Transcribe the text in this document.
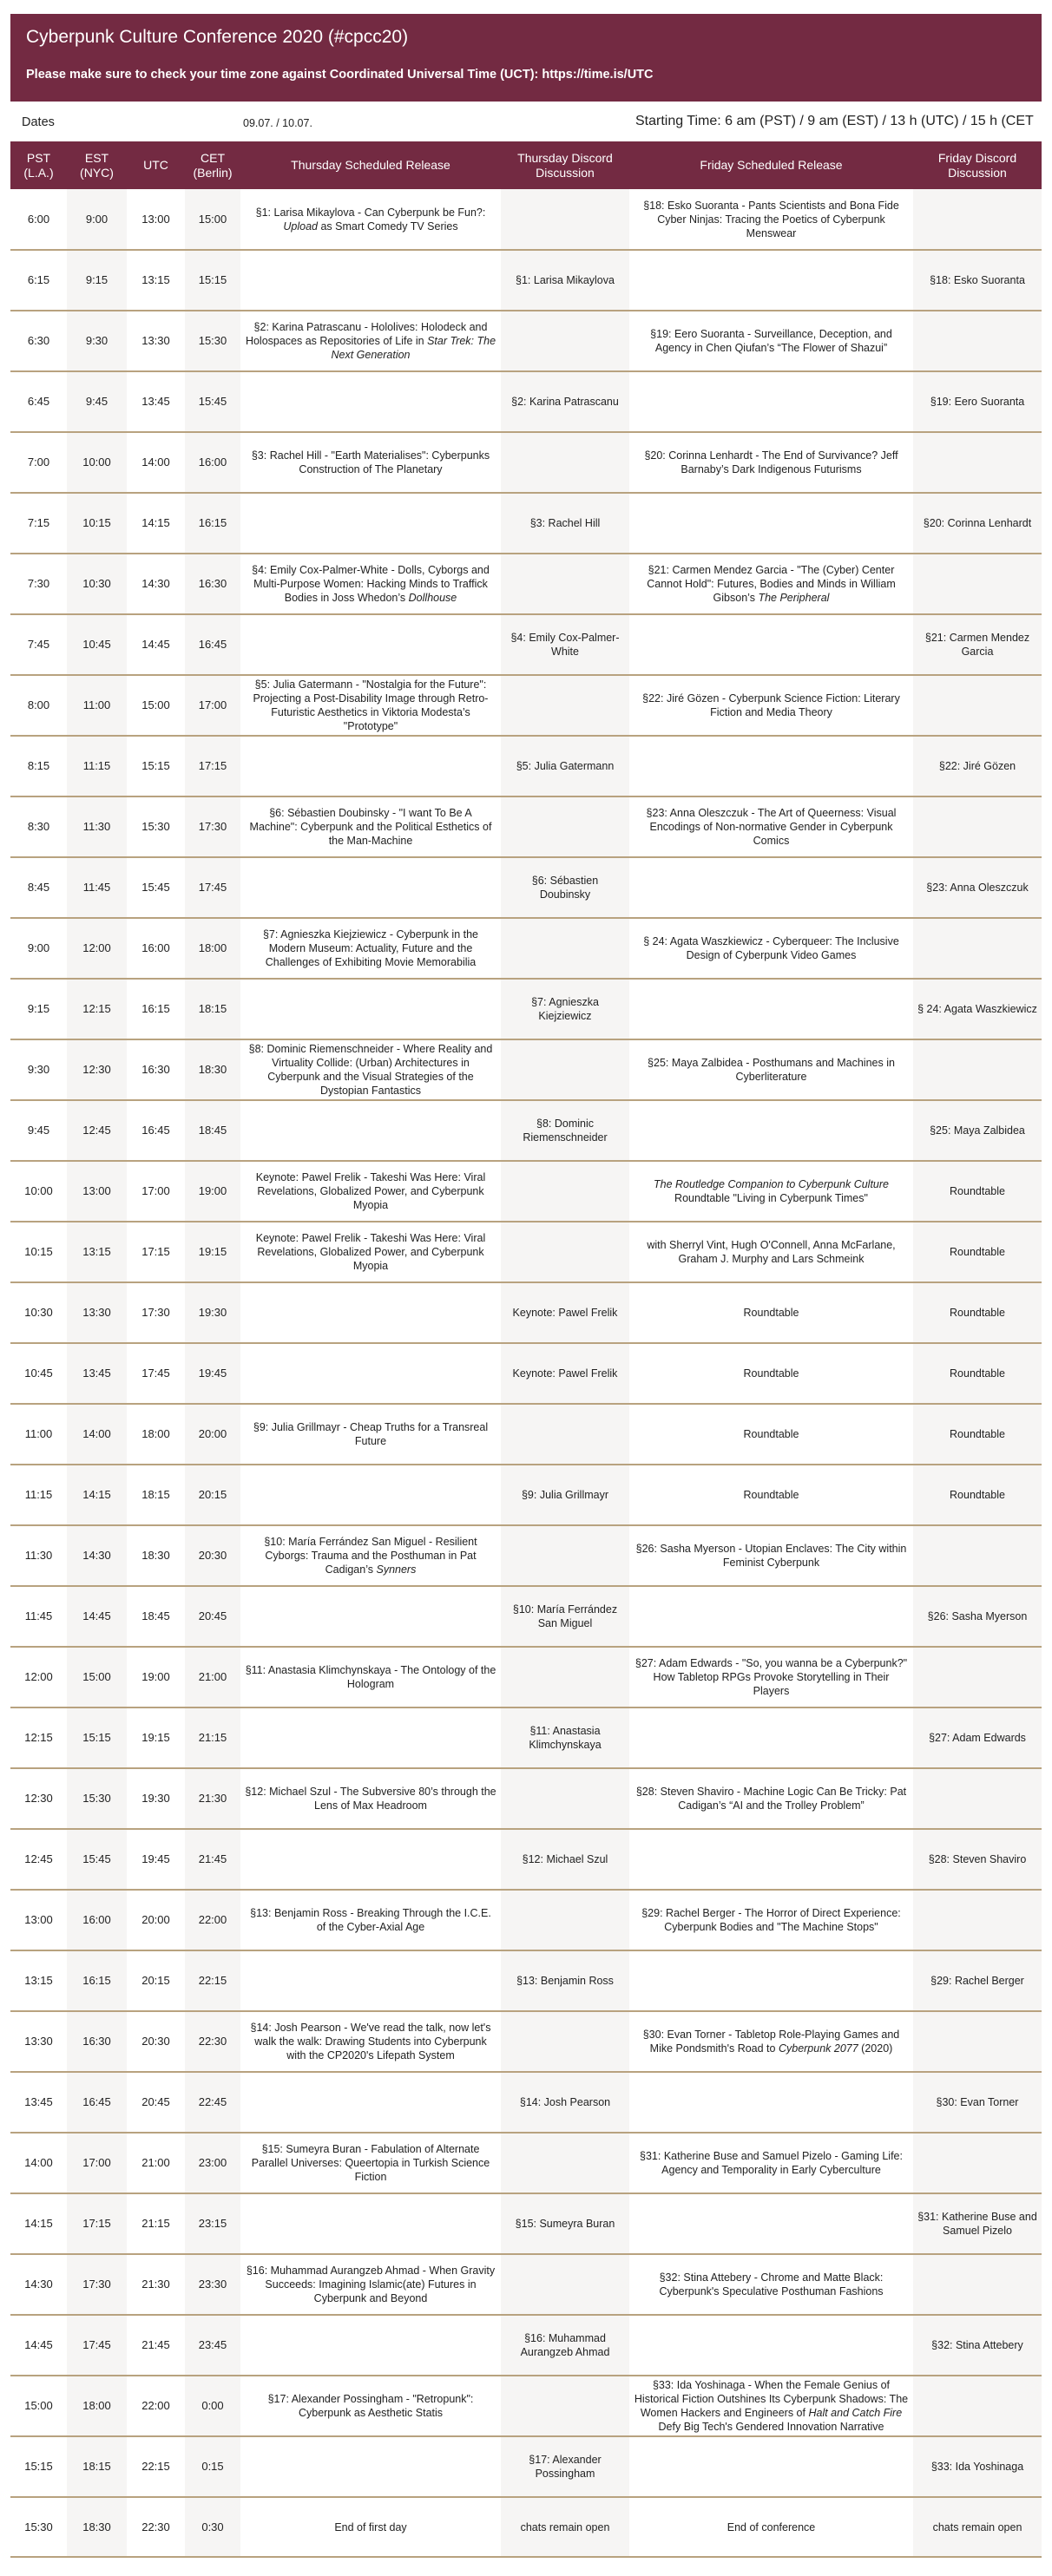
Cyberpunk Culture Conference 2020 (#cpcc20)
Please make sure to check your time zone against Coordinated Universal Time (UCT): https://time.is/UTC
Dates	09.07. / 10.07.	Starting Time: 6 am (PST) / 9 am (EST) / 13 h (UTC) / 15 h (CET
PST (L.A.)	EST (NYC)	UTC	CET (Berlin)	Thursday Scheduled Release	Thursday Discord Discussion	Friday Scheduled Release	Friday Discord Discussion
6:00	9:00	13:00	15:00	§1: Larisa Mikaylova - Can Cyberpunk be Fun?: Upload as Smart Comedy TV Series		§18: Esko Suoranta - Pants Scientists and Bona Fide Cyber Ninjas: Tracing the Poetics of Cyberpunk Menswear	
6:15	9:15	13:15	15:15		§1: Larisa Mikaylova		§18: Esko Suoranta
6:30	9:30	13:30	15:30	§2: Karina Patrascanu - Hololives: Holodeck and Holospaces as Repositories of Life in Star Trek: The Next Generation		§19: Eero Suoranta - Surveillance, Deception, and Agency in Chen Qiufan’s “The Flower of Shazui”	
6:45	9:45	13:45	15:45		§2: Karina Patrascanu		§19: Eero Suoranta
7:00	10:00	14:00	16:00	§3: Rachel Hill - "Earth Materialises": Cyberpunks Construction of The Planetary		§20: Corinna Lenhardt - The End of Survivance? Jeff Barnaby’s Dark Indigenous Futurisms	
7:15	10:15	14:15	16:15		§3: Rachel Hill		§20: Corinna Lenhardt
7:30	10:30	14:30	16:30	§4: Emily Cox-Palmer-White - Dolls, Cyborgs and Multi-Purpose Women: Hacking Minds to Traffick Bodies in Joss Whedon’s Dollhouse		§21: Carmen Mendez Garcia - "The (Cyber) Center Cannot Hold": Futures, Bodies and Minds in William Gibson’s The Peripheral	
7:45	10:45	14:45	16:45		§4: Emily Cox-Palmer-White		§21: Carmen Mendez Garcia
8:00	11:00	15:00	17:00	§5: Julia Gatermann - "Nostalgia for the Future": Projecting a Post-Disability Image through Retro-Futuristic Aesthetics in Viktoria Modesta’s "Prototype"		§22: Jiré Gözen - Cyberpunk Science Fiction: Literary Fiction and Media Theory	
8:15	11:15	15:15	17:15		§5: Julia Gatermann		§22: Jiré Gözen
8:30	11:30	15:30	17:30	§6: Sébastien Doubinsky - "I want To Be A Machine": Cyberpunk and the Political Esthetics of the Man-Machine		§23: Anna Oleszczuk - The Art of Queerness: Visual Encodings of Non-normative Gender in Cyberpunk Comics	
8:45	11:45	15:45	17:45		§6: Sébastien Doubinsky		§23: Anna Oleszczuk
9:00	12:00	16:00	18:00	§7: Agnieszka Kiejziewicz - Cyberpunk in the Modern Museum: Actuality, Future and the Challenges of Exhibiting Movie Memorabilia		§ 24: Agata Waszkiewicz - Cyberqueer: The Inclusive Design of Cyberpunk Video Games	
9:15	12:15	16:15	18:15		§7: Agnieszka Kiejziewicz		§ 24: Agata Waszkiewicz
9:30	12:30	16:30	18:30	§8: Dominic Riemenschneider - Where Reality and Virtuality Collide: (Urban) Architectures in Cyberpunk and the Visual Strategies of the Dystopian Fantastics		§25: Maya Zalbidea - Posthumans and Machines in Cyberliterature	
9:45	12:45	16:45	18:45		§8: Dominic Riemenschneider		§25: Maya Zalbidea
10:00	13:00	17:00	19:00	Keynote: Pawel Frelik - Takeshi Was Here: Viral Revelations, Globalized Power, and Cyberpunk Myopia		The Routledge Companion to Cyberpunk Culture Roundtable "Living in Cyberpunk Times"	Roundtable
10:15	13:15	17:15	19:15	Keynote: Pawel Frelik - Takeshi Was Here: Viral Revelations, Globalized Power, and Cyberpunk Myopia		with Sherryl Vint, Hugh O'Connell, Anna McFarlane, Graham J. Murphy and Lars Schmeink	Roundtable
10:30	13:30	17:30	19:30		Keynote: Pawel Frelik	Roundtable	Roundtable
10:45	13:45	17:45	19:45		Keynote: Pawel Frelik	Roundtable	Roundtable
11:00	14:00	18:00	20:00	§9: Julia Grillmayr - Cheap Truths for a Transreal Future		Roundtable	Roundtable
11:15	14:15	18:15	20:15		§9: Julia Grillmayr	Roundtable	Roundtable
11:30	14:30	18:30	20:30	§10: María Ferrández San Miguel - Resilient Cyborgs: Trauma and the Posthuman in Pat Cadigan’s Synners		§26: Sasha Myerson - Utopian Enclaves: The City within Feminist Cyberpunk	
11:45	14:45	18:45	20:45		§10: María Ferrández San Miguel		§26: Sasha Myerson
12:00	15:00	19:00	21:00	§11: Anastasia Klimchynskaya - The Ontology of the Hologram		§27: Adam Edwards - "So, you wanna be a Cyberpunk?" How Tabletop RPGs Provoke Storytelling in Their Players	
12:15	15:15	19:15	21:15		§11: Anastasia Klimchynskaya		§27: Adam Edwards
12:30	15:30	19:30	21:30	§12: Michael Szul - The Subversive 80’s through the Lens of Max Headroom		§28: Steven Shaviro - Machine Logic Can Be Tricky: Pat Cadigan’s “AI and the Trolley Problem”	
12:45	15:45	19:45	21:45		§12: Michael Szul		§28: Steven Shaviro
13:00	16:00	20:00	22:00	§13: Benjamin Ross - Breaking Through the I.C.E. of the Cyber-Axial Age		§29: Rachel Berger - The Horror of Direct Experience: Cyberpunk Bodies and "The Machine Stops"	
13:15	16:15	20:15	22:15		§13: Benjamin Ross		§29: Rachel Berger
13:30	16:30	20:30	22:30	§14: Josh Pearson - We've read the talk, now let's walk the walk: Drawing Students into Cyberpunk with the CP2020's Lifepath System		§30: Evan Torner - Tabletop Role-Playing Games and Mike Pondsmith's Road to Cyberpunk 2077 (2020)	
13:45	16:45	20:45	22:45		§14: Josh Pearson		§30: Evan Torner
14:00	17:00	21:00	23:00	§15: Sumeyra Buran - Fabulation of Alternate Parallel Universes: Queertopia in Turkish Science Fiction		§31: Katherine Buse and Samuel Pizelo - Gaming Life: Agency and Temporality in Early Cyberculture	
14:15	17:15	21:15	23:15		§15: Sumeyra Buran		§31: Katherine Buse and Samuel Pizelo
14:30	17:30	21:30	23:30	§16: Muhammad Aurangzeb Ahmad - When Gravity Succeeds: Imagining Islamic(ate) Futures in Cyberpunk and Beyond		§32: Stina Attebery - Chrome and Matte Black: Cyberpunk's Speculative Posthuman Fashions	
14:45	17:45	21:45	23:45		§16: Muhammad Aurangzeb Ahmad		§32: Stina Attebery
15:00	18:00	22:00	0:00	§17: Alexander Possingham - "Retropunk": Cyberpunk as Aesthetic Statis		§33: Ida Yoshinaga - When the Female Genius of Historical Fiction Outshines Its Cyberpunk Shadows: The Women Hackers and Engineers of Halt and Catch Fire Defy Big Tech's Gendered Innovation Narrative	
15:15	18:15	22:15	0:15		§17: Alexander Possingham		§33: Ida Yoshinaga
15:30	18:30	22:30	0:30	End of first day	chats remain open	End of conference	chats remain open
